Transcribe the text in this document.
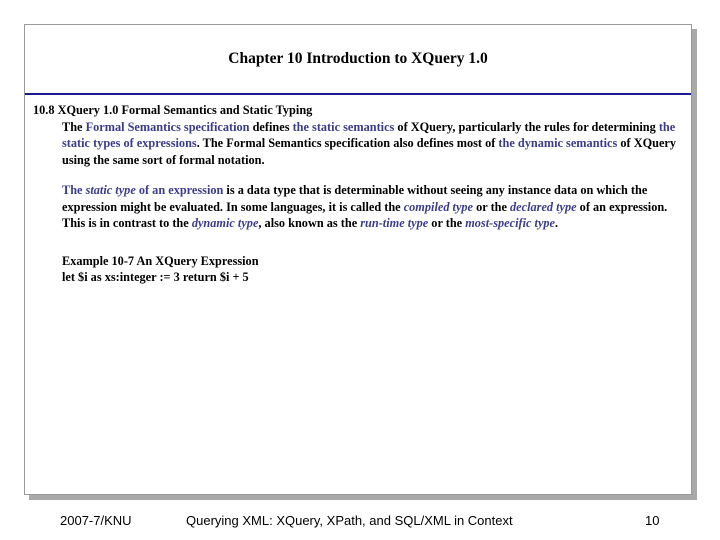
Chapter 10 Introduction to XQuery 1.0

10.8 XQuery 1.0 Formal Semantics and Static Typing

The Formal Semantics specification defines the static semantics of XQuery, particularly the rules for determining the static types of expressions. The Formal Semantics specification also defines most of the dynamic semantics of XQuery using the same sort of formal notation.

The static type of an expression is a data type that is determinable without seeing any instance data on which the expression might be evaluated. In some languages, it is called the compiled type or the declared type of an expression. This is in contrast to the dynamic type, also known as the run-time type or the most-specific type.

Example 10-7 An XQuery Expression

let $i as xs:integer := 3 return $i + 5

2007-7/KNU	Querying XML: XQuery, XPath, and SQL/XML in Context	10
